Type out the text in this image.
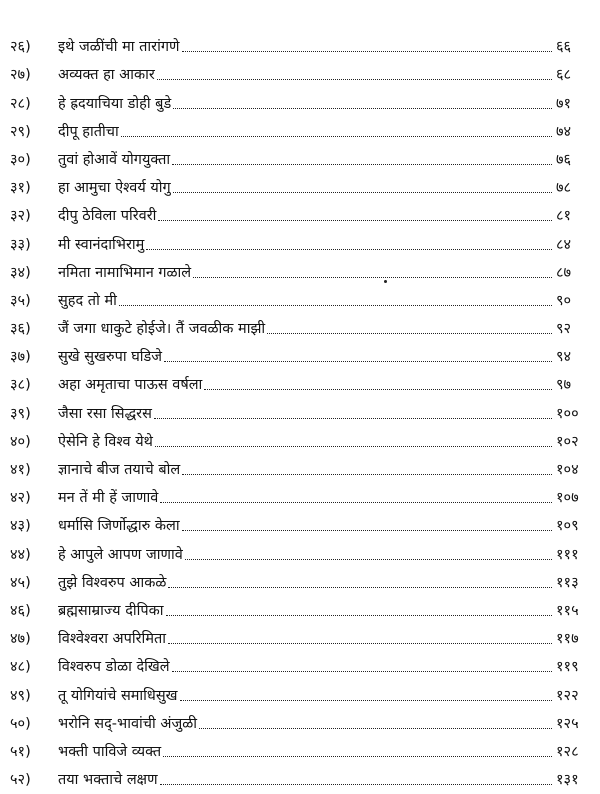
२६)	इथे जळींची मा तारांगणे	६६
२७)	अव्यक्त हा आकार	६८
२८)	हे ह्रदयाचिया डोही बुडे	७१
२९)	दीपू हातीचा	७४
३०)	तुवां होआवें योगयुक्ता	७६
३१)	हा आमुचा ऐश्वर्य योगु	७८
३२)	दीपु ठेविला परिवरी	८१
३३)	मी स्वानंदाभिरामु	८४
३४)	नमिता नामाभिमान गळाले	८७
३५)	सुहद तो मी	९०
३६)	जैं जगा धाकुटे होईजे। तैं जवळीक माझी	९२
३७)	सुखे सुखरुपा घडिजे	९४
३८)	अहा अमृताचा पाऊस वर्षला	९७
३९)	जैसा रसा सिद्धरस	१००
४०)	ऐसेनि हे विश्व येथे	१०२
४१)	ज्ञानाचे बीज तयाचे बोल	१०४
४२)	मन तें मी हें जाणावे	१०७
४३)	धर्मासि जिर्णोद्धारु केला	१०९
४४)	हे आपुले आपण जाणावे	१११
४५)	तुझे विश्वरुप आकळे	११३
४६)	ब्रह्मसाम्राज्य दीपिका	११५
४७)	विश्वेश्वरा अपरिमिता	११७
४८)	विश्वरुप डोळा देखिले	११९
४९)	तू योगियांचे समाधिसुख	१२२
५०)	भरोनि सद्-भावांची अंजुळी	१२५
५१)	भक्ती पाविजे व्यक्त	१२८
५२)	तया भक्ताचे लक्षण	१३१
